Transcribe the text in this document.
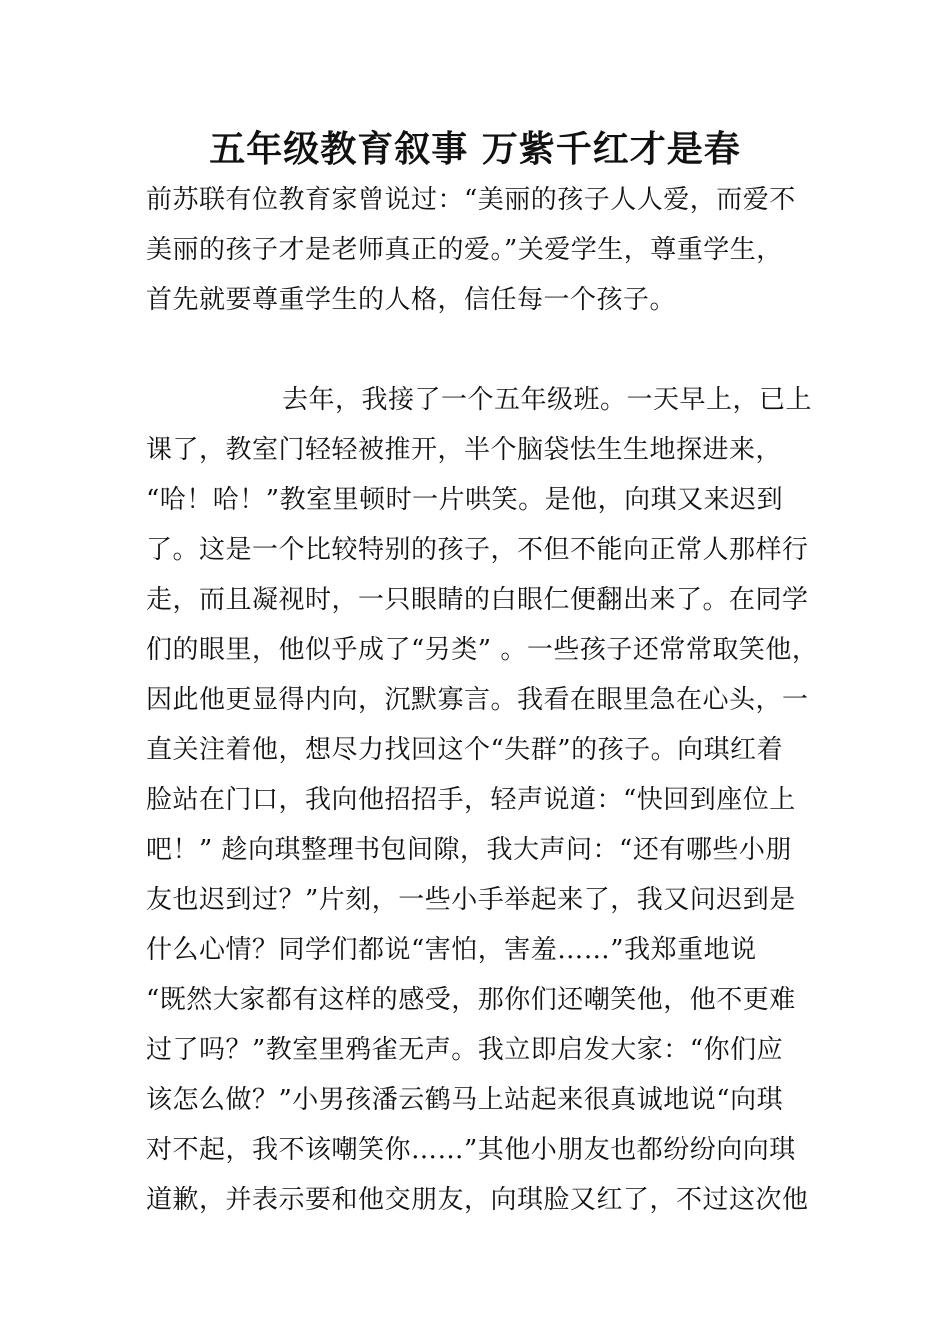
五年级教育叙事 万紫千红才是春
前苏联有位教育家曾说过：“美丽的孩子人人爱，而爱不
美丽的孩子才是老师真正的爱。”关爱学生，尊重学生，
首先就要尊重学生的人格，信任每一个孩子。
去年，我接了一个五年级班。一天早上，已上
课了，教室门轻轻被推开，半个脑袋怯生生地探进来，
“哈！哈！”教室里顿时一片哄笑。是他，向琪又来迟到
了。这是一个比较特别的孩子，不但不能向正常人那样行
走，而且凝视时，一只眼睛的白眼仁便翻出来了。在同学
们的眼里，他似乎成了“另类” 。一些孩子还常常取笑他，
因此他更显得内向，沉默寡言。我看在眼里急在心头，一
直关注着他，想尽力找回这个“失群”的孩子。向琪红着
脸站在门口，我向他招招手，轻声说道：“快回到座位上
吧！” 趁向琪整理书包间隙，我大声问：“还有哪些小朋
友也迟到过？”片刻，一些小手举起来了，我又问迟到是
什么心情？同学们都说“害怕，害羞……”我郑重地说
“既然大家都有这样的感受，那你们还嘲笑他，他不更难
过了吗？”教室里鸦雀无声。我立即启发大家：“你们应
该怎么做？”小男孩潘云鹤马上站起来很真诚地说“向琪
对不起，我不该嘲笑你……”其他小朋友也都纷纷向向琪
道歉，并表示要和他交朋友，向琪脸又红了，不过这次他
